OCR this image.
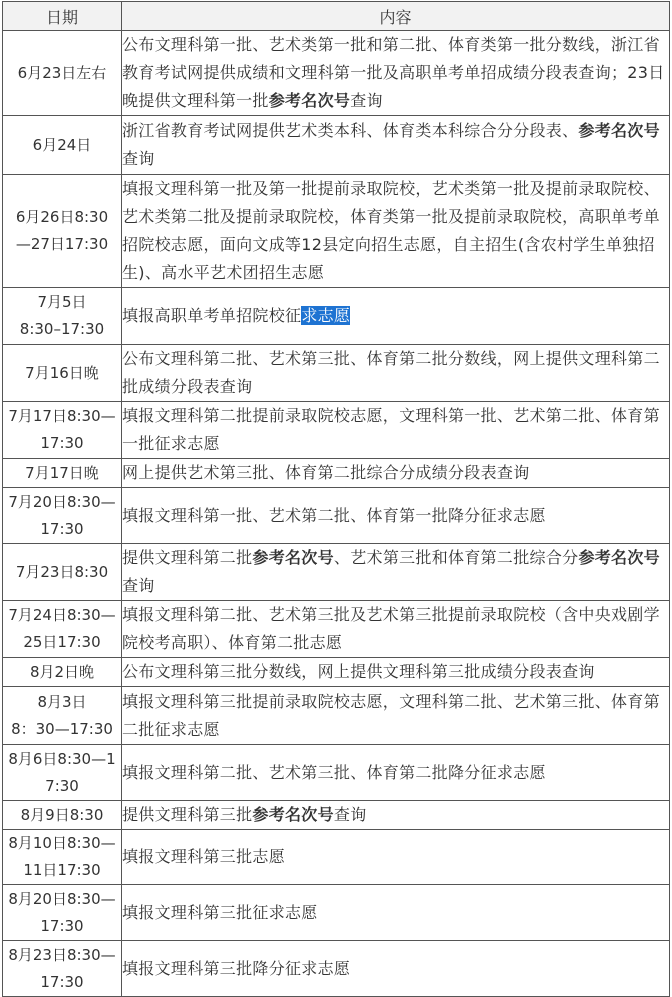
日期	内容
6月23日左右	公布文理科第一批、艺术类第一批和第二批、体育类第一批分数线，浙江省教育考试网提供成绩和文理科第一批及高职单考单招成绩分段表查询；23日晚提供文理科第一批参考名次号查询
6月24日	浙江省教育考试网提供艺术类本科、体育类本科综合分分段表、参考名次号查询
6月26日8:30
—27日17:30	填报文理科第一批及第一批提前录取院校，艺术类第一批及提前录取院校、艺术类第二批及提前录取院校，体育类第一批及提前录取院校，高职单考单招院校志愿，面向文成等12县定向招生志愿，自主招生(含农村学生单独招生)、高水平艺术团招生志愿
7月5日
8:30–17:30	填报高职单考单招院校征求志愿
7月16日晚	公布文理科第二批、艺术第三批、体育第二批分数线，网上提供文理科第二批成绩分段表查询
7月17日8:30—
17:30	填报文理科第二批提前录取院校志愿，文理科第一批、艺术第二批、体育第一批征求志愿
7月17日晚	网上提供艺术第三批、体育第二批综合分成绩分段表查询
7月20日8:30—
17:30	填报文理科第一批、艺术第二批、体育第一批降分征求志愿
7月23日8:30	提供文理科第二批参考名次号、艺术第三批和体育第二批综合分参考名次号查询
7月24日8:30—
25日17:30	填报文理科第二批、艺术第三批及艺术第三批提前录取院校（含中央戏剧学院校考高职）、体育第二批志愿
8月2日晚	公布文理科第三批分数线，网上提供文理科第三批成绩分段表查询
8月3日
8：30—17:30	填报文理科第三批提前录取院校志愿，文理科第二批、艺术第三批、体育第二批征求志愿
8月6日8:30—1
7:30	填报文理科第二批、艺术第三批、体育第二批降分征求志愿
8月9日8:30	提供文理科第三批参考名次号查询
8月10日8:30—
11日17:30	填报文理科第三批志愿
8月20日8:30—
17:30	填报文理科第三批征求志愿
8月23日8:30—
17:30	填报文理科第三批降分征求志愿
